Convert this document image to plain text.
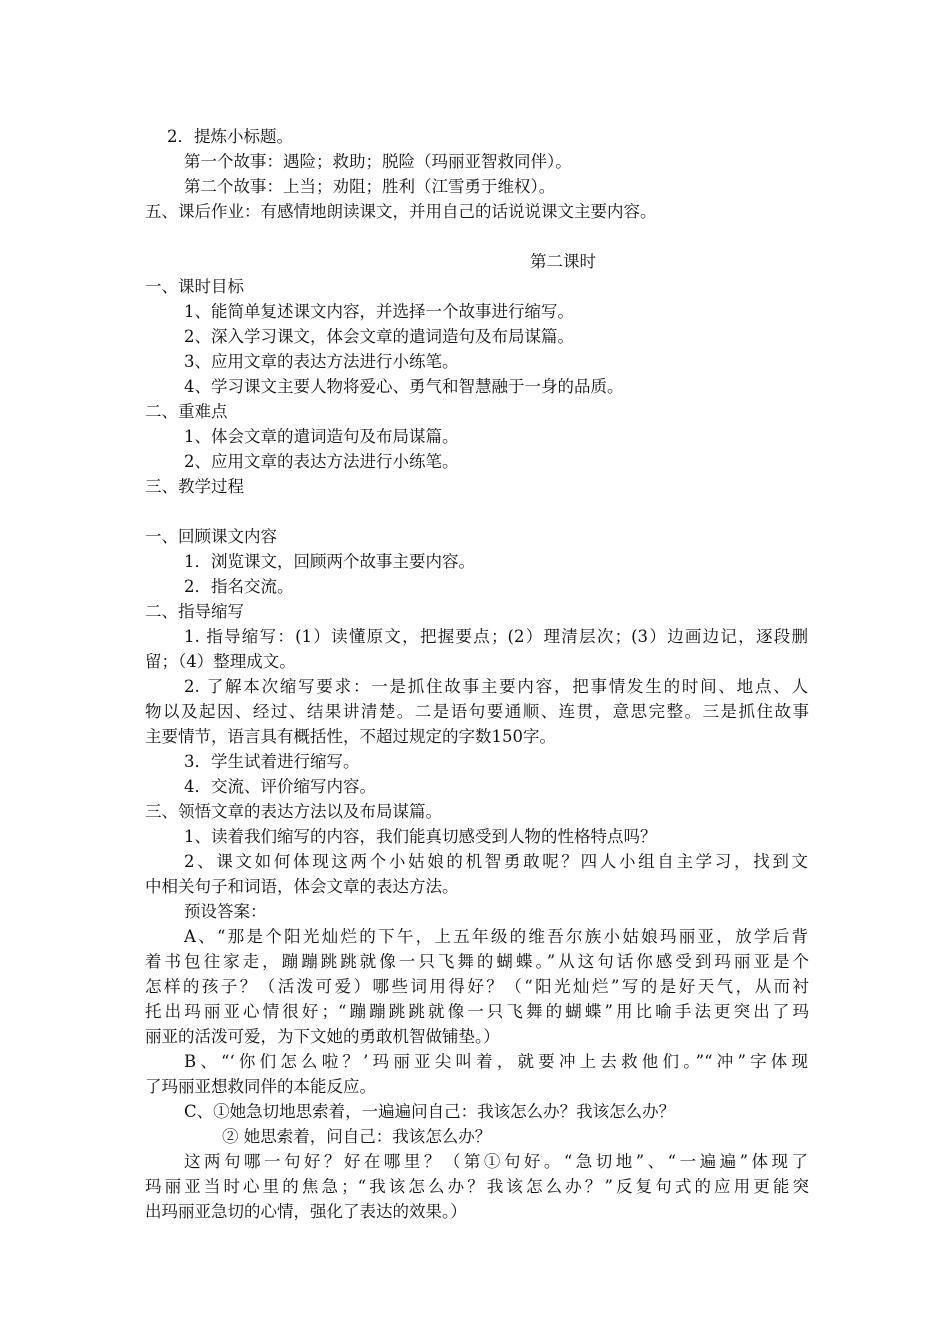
2．提炼小标题。
第一个故事：遇险；救助；脱险（玛丽亚智救同伴）。
第二个故事：上当；劝阻；胜利（江雪勇于维权）。
五、课后作业：有感情地朗读课文，并用自己的话说说课文主要内容。
第二课时
一、课时目标
1、能简单复述课文内容，并选择一个故事进行缩写。
2、深入学习课文，体会文章的遣词造句及布局谋篇。
3、应用文章的表达方法进行小练笔。
4、学习课文主要人物将爱心、勇气和智慧融于一身的品质。
二、重难点
1、体会文章的遣词造句及布局谋篇。
2、应用文章的表达方法进行小练笔。
三、教学过程
一、回顾课文内容
1．浏览课文，回顾两个故事主要内容。
2．指名交流。
二、指导缩写
1. 指导缩写：(1）读懂原文，把握要点；(2）理清层次；(3）边画边记，逐段删
留；（4）整理成文。
2. 了解本次缩写要求：一是抓住故事主要内容，把事情发生的时间、地点、人
物以及起因、经过、结果讲清楚。二是语句要通顺、连贯，意思完整。三是抓住故事
主要情节，语言具有概括性，不超过规定的字数150字。
3．学生试着进行缩写。
4．交流、评价缩写内容。
三、领悟文章的表达方法以及布局谋篇。
1、读着我们缩写的内容，我们能真切感受到人物的性格特点吗？
2、课文如何体现这两个小姑娘的机智勇敢呢？四人小组自主学习，找到文
中相关句子和词语，体会文章的表达方法。
预设答案：
A、“那是个阳光灿烂的下午，上五年级的维吾尔族小姑娘玛丽亚，放学后背
着书包往家走，蹦蹦跳跳就像一只飞舞的蝴蝶。”从这句话你感受到玛丽亚是个
怎样的孩子？（活泼可爱）哪些词用得好？（“阳光灿烂”写的是好天气，从而衬
托出玛丽亚心情很好；“蹦蹦跳跳就像一只飞舞的蝴蝶”用比喻手法更突出了玛
丽亚的活泼可爱，为下文她的勇敢机智做铺垫。）
B、“‘你们怎么啦？’玛丽亚尖叫着，就要冲上去救他们。”“冲”字体现
了玛丽亚想救同伴的本能反应。
C、①她急切地思索着，一遍遍问自己：我该怎么办？我该怎么办？
② 她思索着，问自己：我该怎么办？
这两句哪一句好？好在哪里？（第①句好。“急切地”、“一遍遍”体现了
玛丽亚当时心里的焦急；“我该怎么办？我该怎么办？”反复句式的应用更能突
出玛丽亚急切的心情，强化了表达的效果。）
